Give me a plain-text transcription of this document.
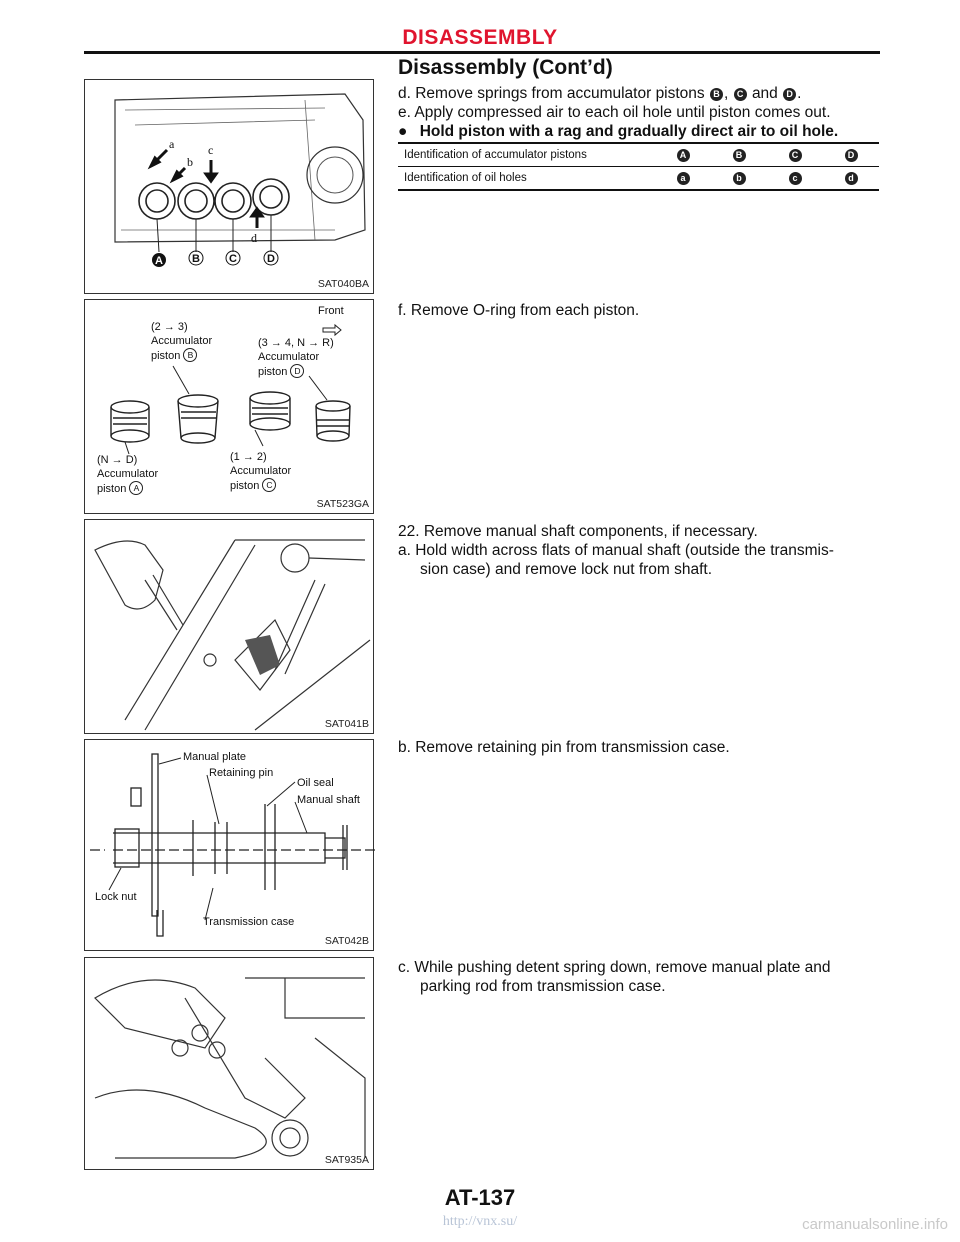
DISASSEMBLY
Disassembly (Cont’d)
a
b
c
d
A	B	C	D
SAT040BA
Front
(2 → 3)
Accumulator
piston B
(3 → 4, N → R)
Accumulator
piston D
(N → D)
Accumulator
piston A
(1 → 2)
Accumulator
piston C
SAT523GA
SAT041B
Manual plate
Retaining pin
Oil seal
Manual shaft
Lock nut
Transmission case
SAT042B
SAT935A
d. Remove springs from accumulator pistons B , C and D .
e. Apply compressed air to each oil hole until piston comes out.
● Hold piston with a rag and gradually direct air to oil hole.
Identification of accumulator pistons	A	B	C	D
Identification of oil holes	a	b	c	d
f. Remove O-ring from each piston.
22. Remove manual shaft components, if necessary.
a. Hold width across flats of manual shaft (outside the transmis-
sion case) and remove lock nut from shaft.
b. Remove retaining pin from transmission case.
c. While pushing detent spring down, remove manual plate and
parking rod from transmission case.
AT-137
http://vnx.su/	carmanualsonline.info
